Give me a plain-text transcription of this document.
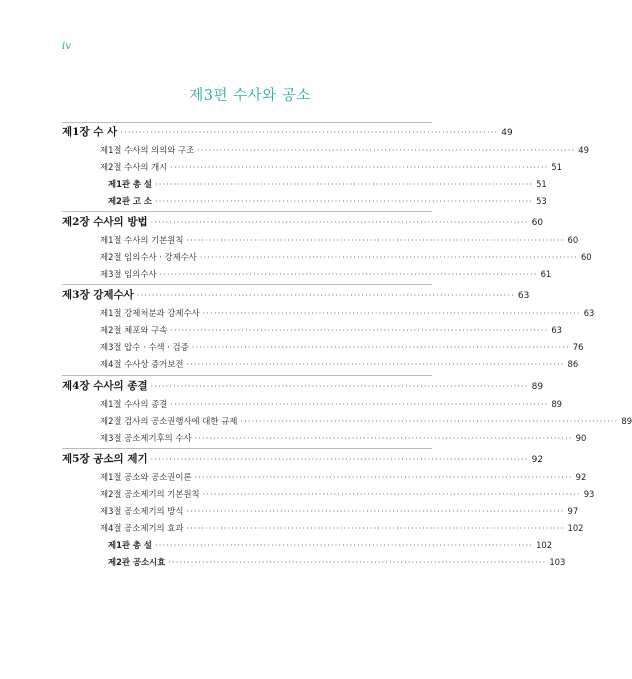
iv
제3편 수사와 공소
제1장 수 사 ····································································································· 49
제1절 수사의 의의와 구조 ····································································································· 49
제2절 수사의 개시 ····································································································· 51
제1관 총 설 ····································································································· 51
제2관 고 소 ····································································································· 53
제2장 수사의 방법 ····································································································· 60
제1절 수사의 기본원칙 ····································································································· 60
제2절 임의수사 · 강제수사 ····································································································· 60
제3절 임의수사 ····································································································· 61
제3장 강제수사 ····································································································· 63
제1절 강제처분과 강제수사 ····································································································· 63
제2절 체포와 구속 ····································································································· 63
제3절 압수 · 수색 · 검증 ····································································································· 76
제4절 수사상 증거보전 ····································································································· 86
제4장 수사의 종결 ····································································································· 89
제1절 수사의 종결 ····································································································· 89
제2절 검사의 공소권행사에 대한 규제 ····································································································· 89
제3절 공소제기후의 수사 ····································································································· 90
제5장 공소의 제기 ····································································································· 92
제1절 공소와 공소권이론 ····································································································· 92
제2절 공소제기의 기본원칙 ····································································································· 93
제3절 공소제기의 방식 ····································································································· 97
제4절 공소제기의 효과 ····································································································· 102
제1관 총 설 ····································································································· 102
제2관 공소시효 ····································································································· 103
